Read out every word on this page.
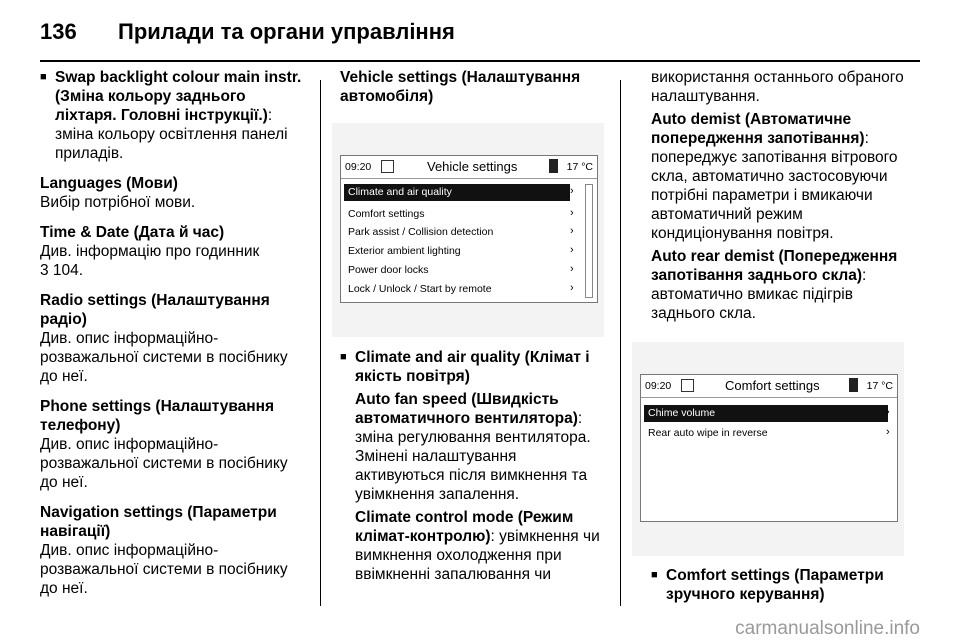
136 Прилади та органи управління

■ Swap backlight colour main instr. (Зміна кольору заднього ліхтаря. Головні інструкції.): зміна кольору освітлення панелі приладів.

Languages (Мови)
Вибір потрібної мови.

Time & Date (Дата й час)
Див. інформацію про годинник
3 104.

Radio settings (Налаштування радіо)
Див. опис інформаційно-розважальної системи в посібнику до неї.

Phone settings (Налаштування телефону)
Див. опис інформаційно-розважальної системи в посібнику до неї.

Navigation settings (Параметри навігації)
Див. опис інформаційно-розважальної системи в посібнику до неї.

Vehicle settings (Налаштування автомобіля)

09:20	Vehicle settings	17 °C
Climate and air quality	›
Comfort settings	›
Park assist / Collision detection	›
Exterior ambient lighting	›
Power door locks	›
Lock / Unlock / Start by remote	›

■ Climate and air quality (Клімат і якість повітря)

Auto fan speed (Швидкість автоматичного вентилятора): зміна регулювання вентилятора. Змінені налаштування активуються після вимкнення та увімкнення запалення.

Climate control mode (Режим клімат-контролю): увімкнення чи вимкнення охолодження при ввімкненні запалювання чи

використання останнього обраного налаштування.

Auto demist (Автоматичне попередження запотівання): попереджує запотівання вітрового скла, автоматично застосовуючи потрібні параметри і вмикаючи автоматичний режим кондиціонування повітря.

Auto rear demist (Попередження запотівання заднього скла): автоматично вмикає підігрів заднього скла.

09:20	Comfort settings	17 °C
Chime volume	›
Rear auto wipe in reverse	›

■ Comfort settings (Параметри зручного керування)

carmanualsonline.info
